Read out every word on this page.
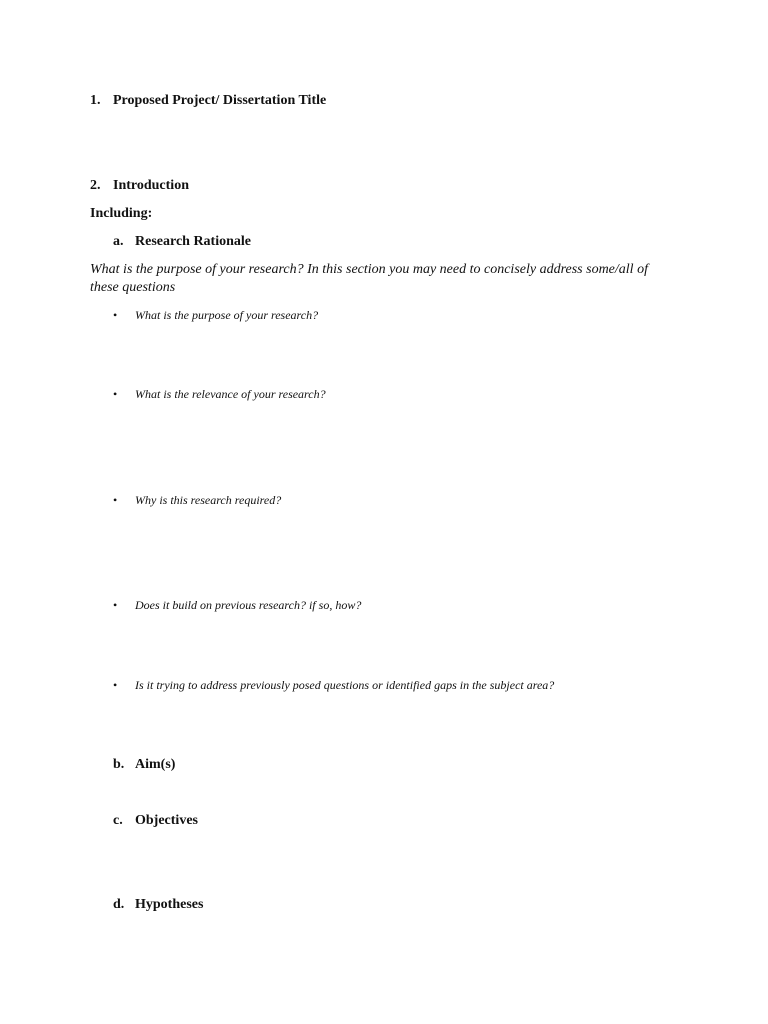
1. Proposed Project/ Dissertation Title
2. Introduction
Including:
a. Research Rationale
What is the purpose of your research? In this section you may need to concisely address some/all of these questions
• What is the purpose of your research?
• What is the relevance of your research?
• Why is this research required?
• Does it build on previous research? if so, how?
• Is it trying to address previously posed questions or identified gaps in the subject area?
b. Aim(s)
c. Objectives
d. Hypotheses
